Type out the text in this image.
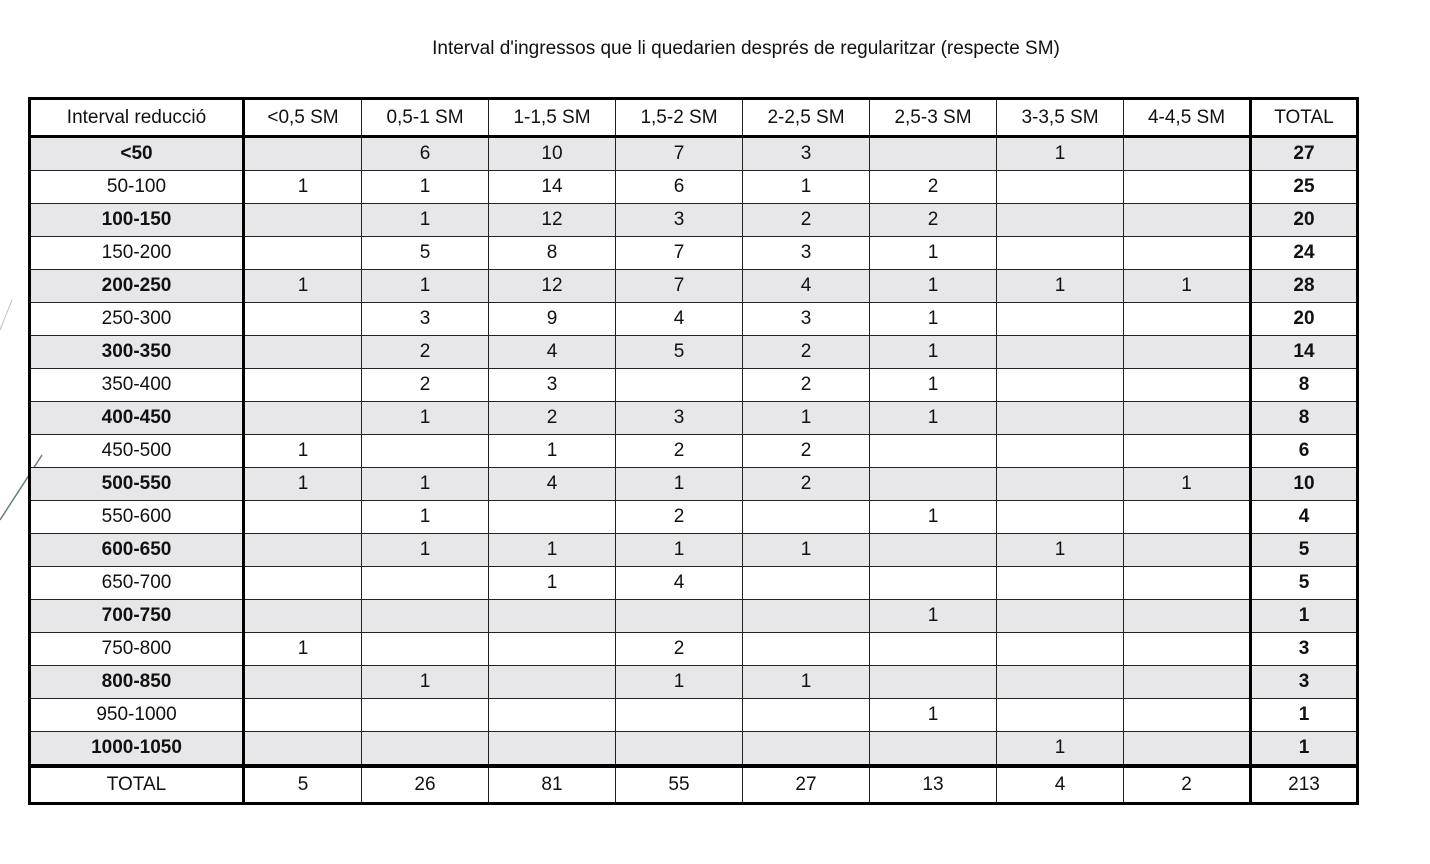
Interval d'ingressos que li quedarien després de regularitzar (respecte SM)
Interval reducció	<0,5 SM	0,5-1 SM	1-1,5 SM	1,5-2 SM	2-2,5 SM	2,5-3 SM	3-3,5 SM	4-4,5 SM	TOTAL
<50		6	10	7	3		1		27
50-100	1	1	14	6	1	2			25
100-150		1	12	3	2	2			20
150-200		5	8	7	3	1			24
200-250	1	1	12	7	4	1	1	1	28
250-300		3	9	4	3	1			20
300-350		2	4	5	2	1			14
350-400		2	3		2	1			8
400-450		1	2	3	1	1			8
450-500	1		1	2	2				6
500-550	1	1	4	1	2			1	10
550-600		1		2		1			4
600-650		1	1	1	1		1		5
650-700			1	4					5
700-750						1			1
750-800	1			2					3
800-850		1		1	1				3
950-1000						1			1
1000-1050							1		1
TOTAL	5	26	81	55	27	13	4	2	213
